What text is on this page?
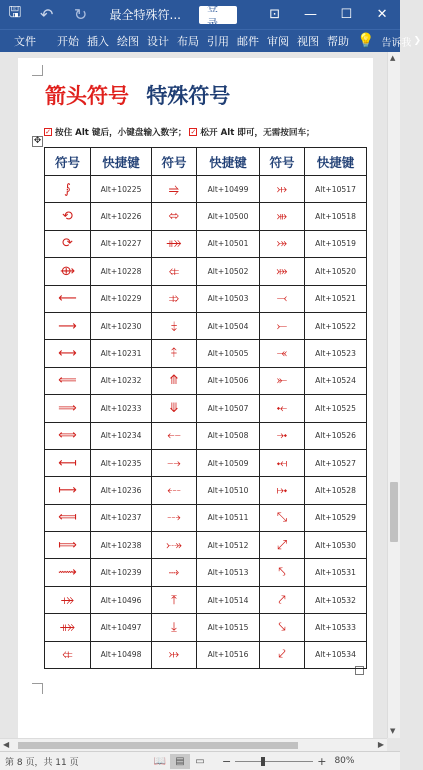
🖫	↶	↻	最全特殊符...
登录
⊡	—	☐	✕
文件	开始 插入 绘图 设计 布局 引用 邮件 审阅 视图 帮助 💡 告诉我 ❯
箭头符号 特殊符号
✓ 按住 Alt 键后，小键盘输入数字； ✓ 松开 Alt 即可，无需按回车；
✥
符号	快捷键	符号	快捷键	符号	快捷键
⨓	Alt+10225	⥤	Alt+10499	⤔	Alt+10517
⟲	Alt+10226	⬄	Alt+10500	⤕	Alt+10518
⟳	Alt+10227	⤁	Alt+10501	⤖	Alt+10519
⟴	Alt+10228	⤂	Alt+10502	⤗	Alt+10520
⟵	Alt+10229	⤃	Alt+10503	⤙	Alt+10521
⟶	Alt+10230	⤈	Alt+10504	⤚	Alt+10522
⟷	Alt+10231	⤉	Alt+10505	⤛	Alt+10523
⟸	Alt+10232	⤊	Alt+10506	⤜	Alt+10524
⟹	Alt+10233	⤋	Alt+10507	⤝	Alt+10525
⟺	Alt+10234	⤌	Alt+10508	⤞	Alt+10526
⟻	Alt+10235	⤍	Alt+10509	⤟	Alt+10527
⟼	Alt+10236	⤎	Alt+10510	⤠	Alt+10528
⟽	Alt+10237	⤏	Alt+10511	⤡	Alt+10529
⟾	Alt+10238	⤐	Alt+10512	⤢	Alt+10530
⟿	Alt+10239	⤑	Alt+10513	⤣	Alt+10531
⤀	Alt+10496	⤒	Alt+10514	⤤	Alt+10532
⤁	Alt+10497	⤓	Alt+10515	⤥	Alt+10533
⤂	Alt+10498	⤔	Alt+10516	⤦	Alt+10534
▲
▼
◀	▶
第 8 页，共 11 页	📖 ▤	▭	−	+ 80%
